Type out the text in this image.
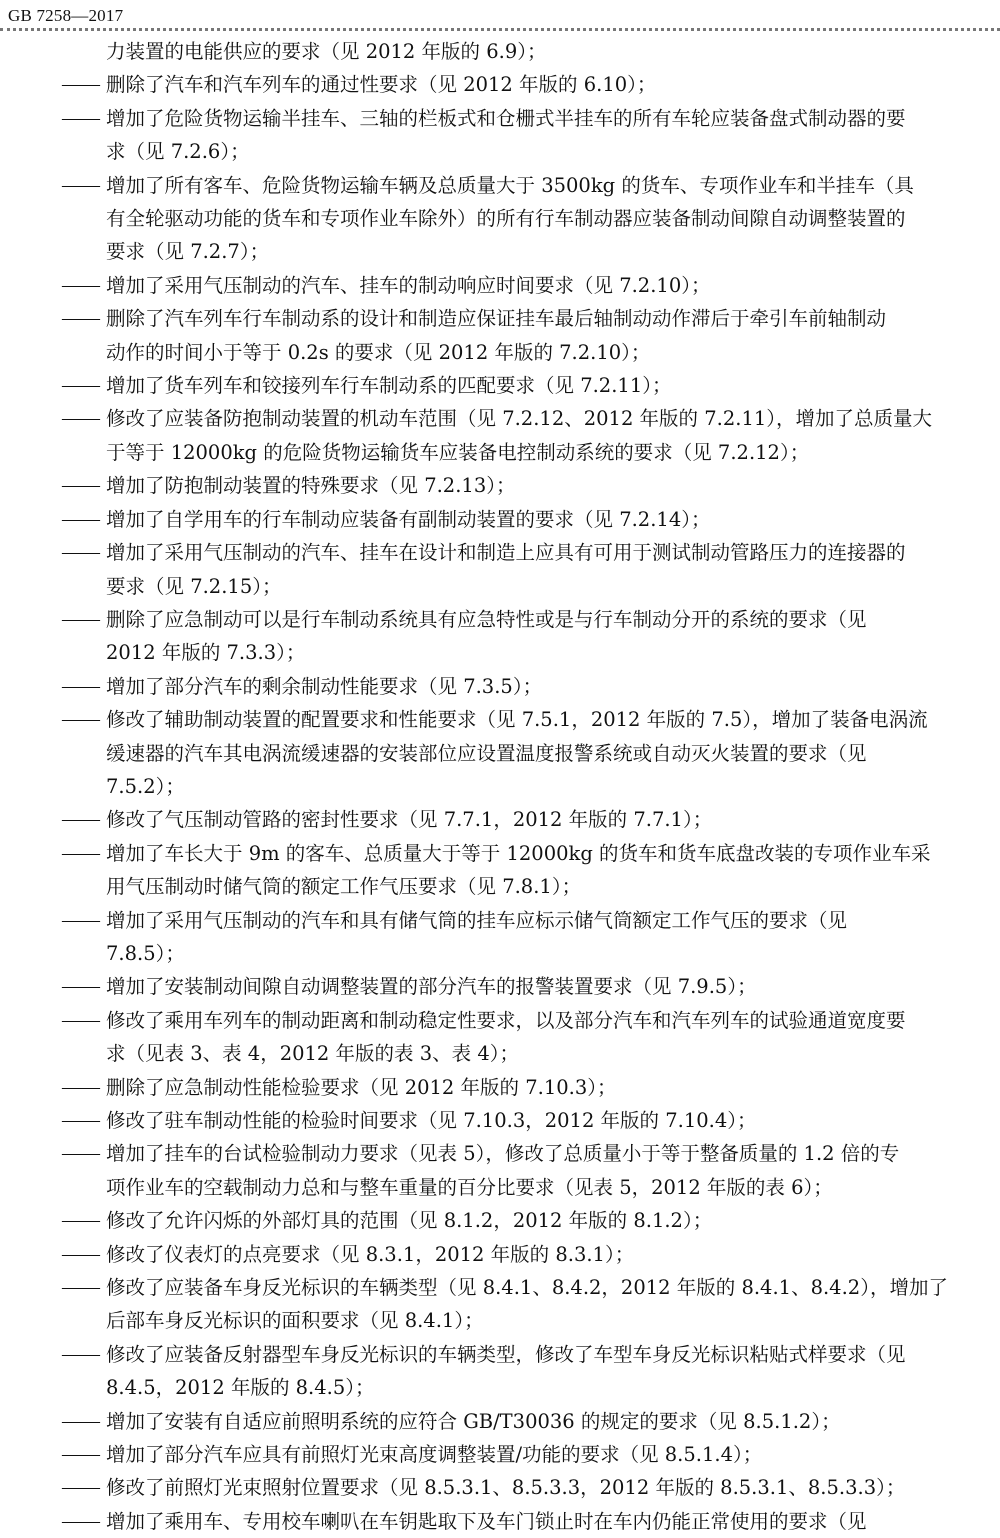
GB 7258—2017

力装置的电能供应的要求（见 2012 年版的 6.9）；

—— 删除了汽车和汽车列车的通过性要求（见 2012 年版的 6.10）；

—— 增加了危险货物运输半挂车、三轴的栏板式和仓栅式半挂车的所有车轮应装备盘式制动器的要

求（见 7.2.6）；

—— 增加了所有客车、危险货物运输车辆及总质量大于 3500kg 的货车、专项作业车和半挂车（具

有全轮驱动功能的货车和专项作业车除外）的所有行车制动器应装备制动间隙自动调整装置的

要求（见 7.2.7）；

—— 增加了采用气压制动的汽车、挂车的制动响应时间要求（见 7.2.10）；

—— 删除了汽车列车行车制动系的设计和制造应保证挂车最后轴制动动作滞后于牵引车前轴制动

动作的时间小于等于 0.2s 的要求（见 2012 年版的 7.2.10）；

—— 增加了货车列车和铰接列车行车制动系的匹配要求（见 7.2.11）；

—— 修改了应装备防抱制动装置的机动车范围（见 7.2.12、2012 年版的 7.2.11），增加了总质量大

于等于 12000kg 的危险货物运输货车应装备电控制动系统的要求（见 7.2.12）；

—— 增加了防抱制动装置的特殊要求（见 7.2.13）；

—— 增加了自学用车的行车制动应装备有副制动装置的要求（见 7.2.14）；

—— 增加了采用气压制动的汽车、挂车在设计和制造上应具有可用于测试制动管路压力的连接器的

要求（见 7.2.15）；

—— 删除了应急制动可以是行车制动系统具有应急特性或是与行车制动分开的系统的要求（见

2012 年版的 7.3.3）；

—— 增加了部分汽车的剩余制动性能要求（见 7.3.5）；

—— 修改了辅助制动装置的配置要求和性能要求（见 7.5.1，2012 年版的 7.5），增加了装备电涡流

缓速器的汽车其电涡流缓速器的安装部位应设置温度报警系统或自动灭火装置的要求（见

7.5.2）；

—— 修改了气压制动管路的密封性要求（见 7.7.1，2012 年版的 7.7.1）；

—— 增加了车长大于 9m 的客车、总质量大于等于 12000kg 的货车和货车底盘改装的专项作业车采

用气压制动时储气筒的额定工作气压要求（见 7.8.1）；

—— 增加了采用气压制动的汽车和具有储气筒的挂车应标示储气筒额定工作气压的要求（见

7.8.5）；

—— 增加了安装制动间隙自动调整装置的部分汽车的报警装置要求（见 7.9.5）；

—— 修改了乘用车列车的制动距离和制动稳定性要求，以及部分汽车和汽车列车的试验通道宽度要

求（见表 3、表 4，2012 年版的表 3、表 4）；

—— 删除了应急制动性能检验要求（见 2012 年版的 7.10.3）；

—— 修改了驻车制动性能的检验时间要求（见 7.10.3，2012 年版的 7.10.4）；

—— 增加了挂车的台试检验制动力要求（见表 5），修改了总质量小于等于整备质量的 1.2 倍的专

项作业车的空载制动力总和与整车重量的百分比要求（见表 5，2012 年版的表 6）；

—— 修改了允许闪烁的外部灯具的范围（见 8.1.2，2012 年版的 8.1.2）；

—— 修改了仪表灯的点亮要求（见 8.3.1，2012 年版的 8.3.1）；

—— 修改了应装备车身反光标识的车辆类型（见 8.4.1、8.4.2，2012 年版的 8.4.1、8.4.2），增加了

后部车身反光标识的面积要求（见 8.4.1）；

—— 修改了应装备反射器型车身反光标识的车辆类型，修改了车型车身反光标识粘贴式样要求（见

8.4.5，2012 年版的 8.4.5）；

—— 增加了安装有自适应前照明系统的应符合 GB/T30036 的规定的要求（见 8.5.1.2）；

—— 增加了部分汽车应具有前照灯光束高度调整装置/功能的要求（见 8.5.1.4）；

—— 修改了前照灯光束照射位置要求（见 8.5.3.1、8.5.3.3，2012 年版的 8.5.3.1、8.5.3.3）；

—— 增加了乘用车、专用校车喇叭在车钥匙取下及车门锁止时在车内仍能正常使用的要求（见
